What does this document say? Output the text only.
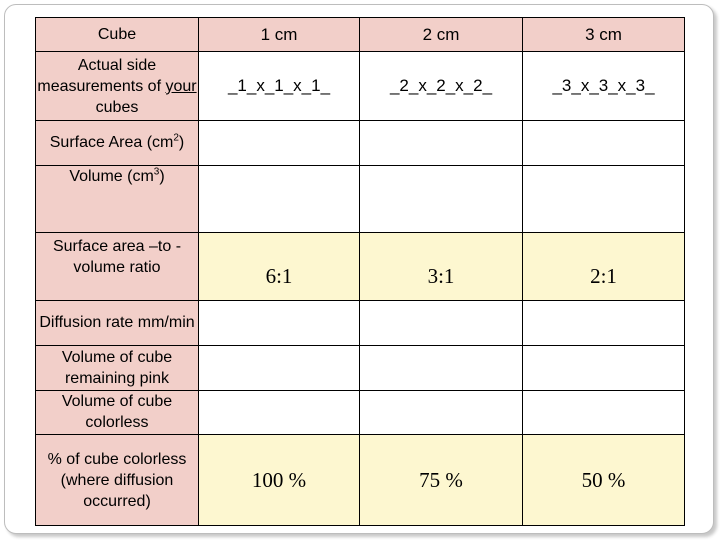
Cube	1 cm	2 cm	3 cm
Actual side measurements of your cubes	_1_x_1_x_1_	_2_x_2_x_2_	_3_x_3_x_3_
Surface Area $(cm^2)$			
Volume $(cm^3)$			
Surface area –to - volume ratio	6:1	3:1	2:1
Diffusion rate mm/min			
Volume of cube remaining pink			
Volume of cube colorless			
% of cube colorless (where diffusion occurred)	100 %	75 %	50 %
